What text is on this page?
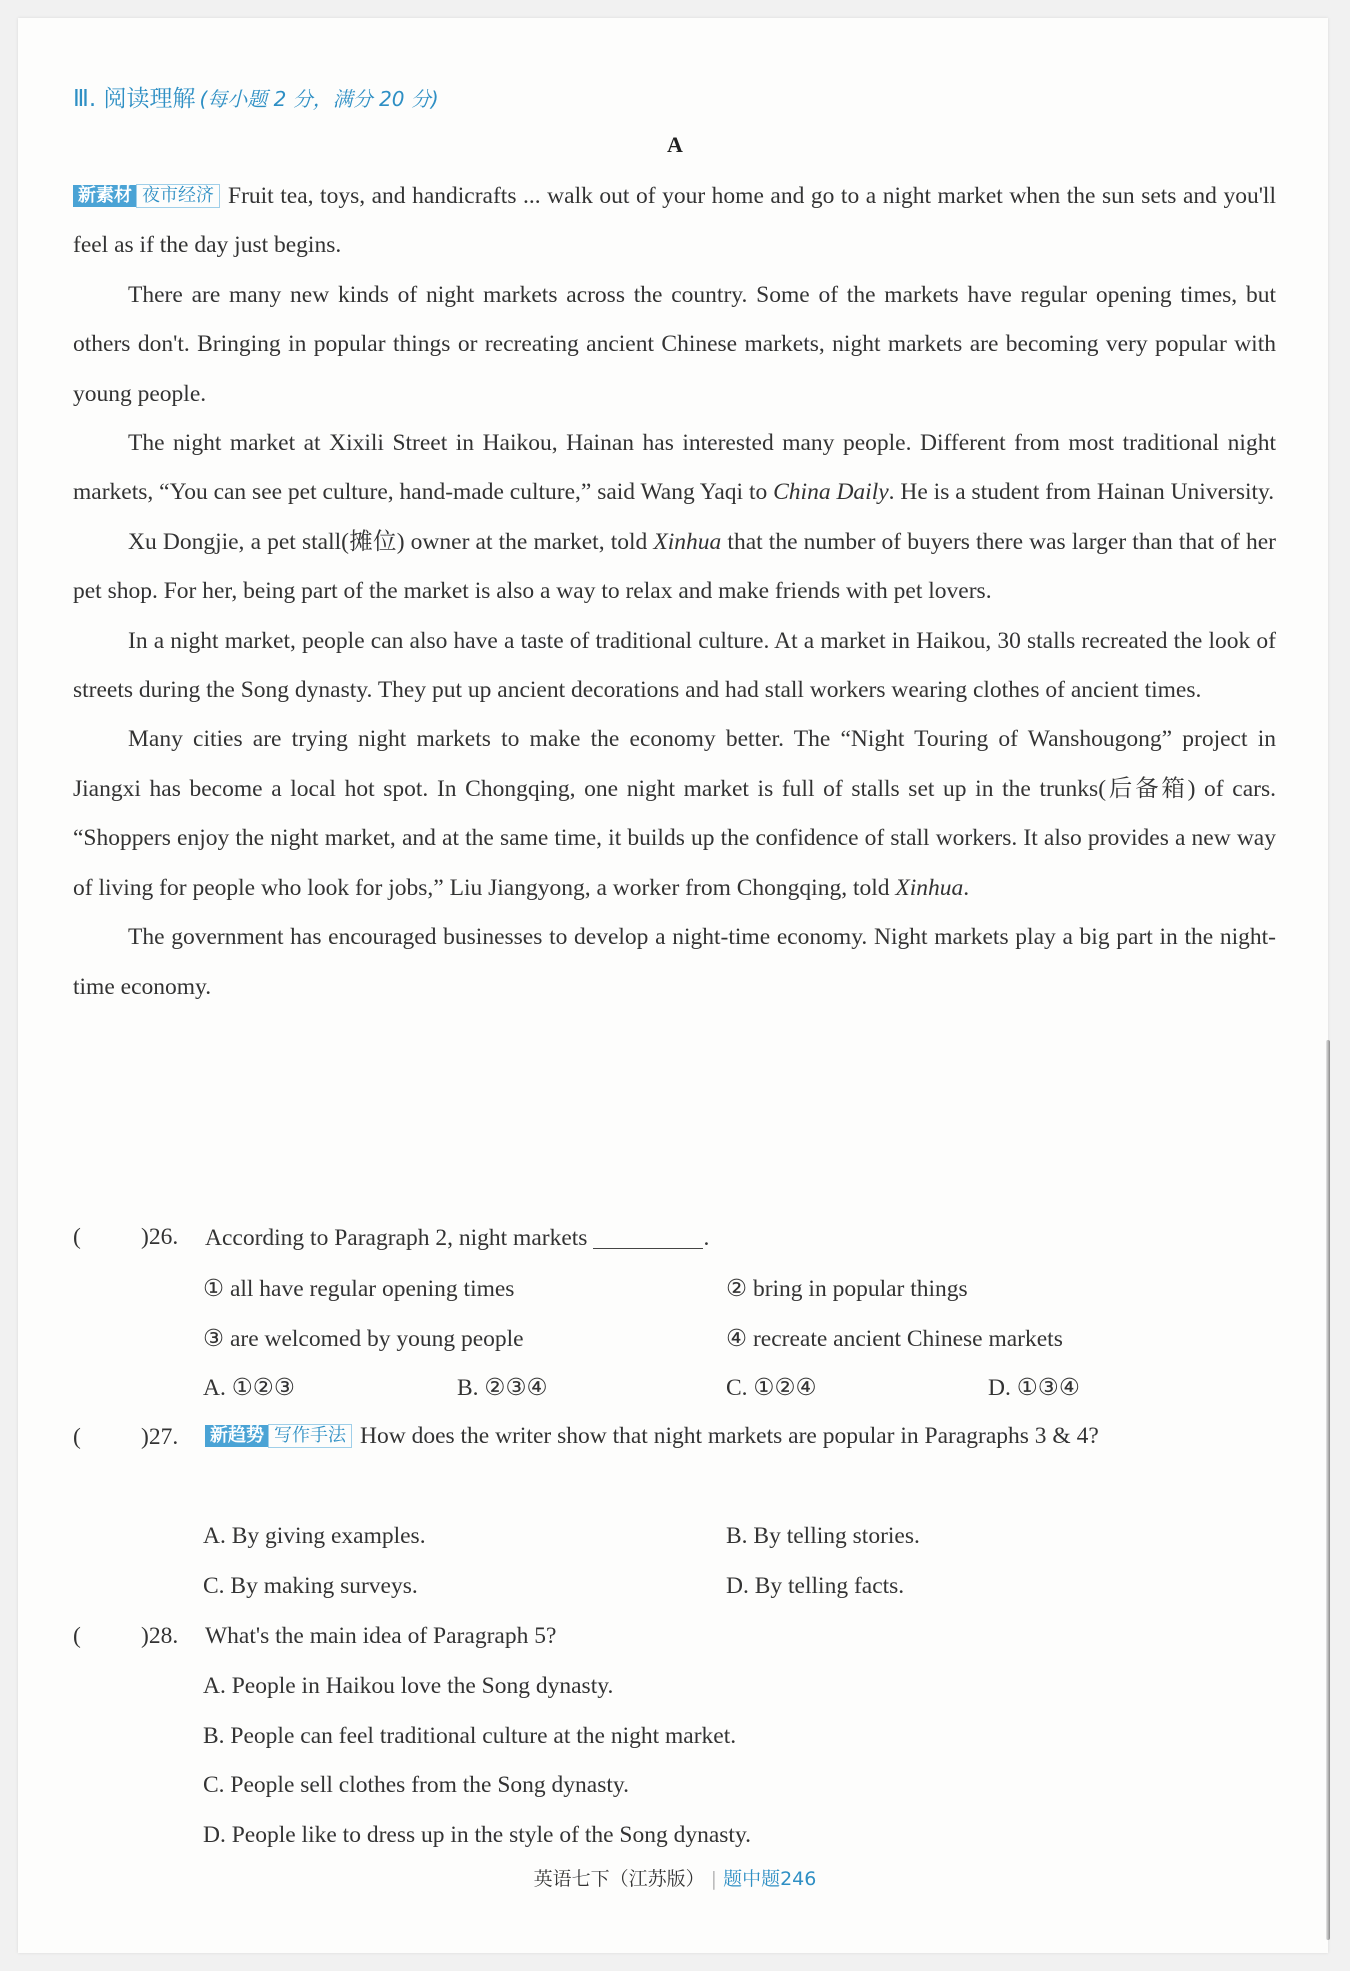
Ⅲ. 阅读理解 (每小题 2 分，满分 20 分)
A

新素材 夜市经济 Fruit tea, toys, and handicrafts ... walk out of your home and go to a night market when the sun sets and you'll feel as if the day just begins.

There are many new kinds of night markets across the country. Some of the markets have regular opening times, but others don't. Bringing in popular things or recreating ancient Chinese markets, night markets are becoming very popular with young people.

The night market at Xixili Street in Haikou, Hainan has interested many people. Different from most traditional night markets, “You can see pet culture, hand-made culture,” said Wang Yaqi to China Daily. He is a student from Hainan University.

Xu Dongjie, a pet stall(摊位) owner at the market, told Xinhua that the number of buyers there was larger than that of her pet shop. For her, being part of the market is also a way to relax and make friends with pet lovers.

In a night market, people can also have a taste of traditional culture. At a market in Haikou, 30 stalls recreated the look of streets during the Song dynasty. They put up ancient decorations and had stall workers wearing clothes of ancient times.

Many cities are trying night markets to make the economy better. The “Night Touring of Wanshougong” project in Jiangxi has become a local hot spot. In Chongqing, one night market is full of stalls set up in the trunks(后备箱) of cars. “Shoppers enjoy the night market, and at the same time, it builds up the confidence of stall workers. It also provides a new way of living for people who look for jobs,” Liu Jiangyong, a worker from Chongqing, told Xinhua.

The government has encouraged businesses to develop a night-time economy. Night markets play a big part in the night-time economy.

(	)26. According to Paragraph 2, night markets	.
① all have regular opening times	② bring in popular things
③ are welcomed by young people	④ recreate ancient Chinese markets
A. ①②③	B. ②③④	C. ①②④	D. ①③④
(	)27. 新趋势 写作手法 How does the writer show that night markets are popular in Paragraphs 3 & 4?
A. By giving examples.	B. By telling stories.
C. By making surveys.	D. By telling facts.
(	)28. What's the main idea of Paragraph 5?
A. People in Haikou love the Song dynasty.
B. People can feel traditional culture at the night market.
C. People sell clothes from the Song dynasty.
D. People like to dress up in the style of the Song dynasty.
英语七下（江苏版） | 题中题246
